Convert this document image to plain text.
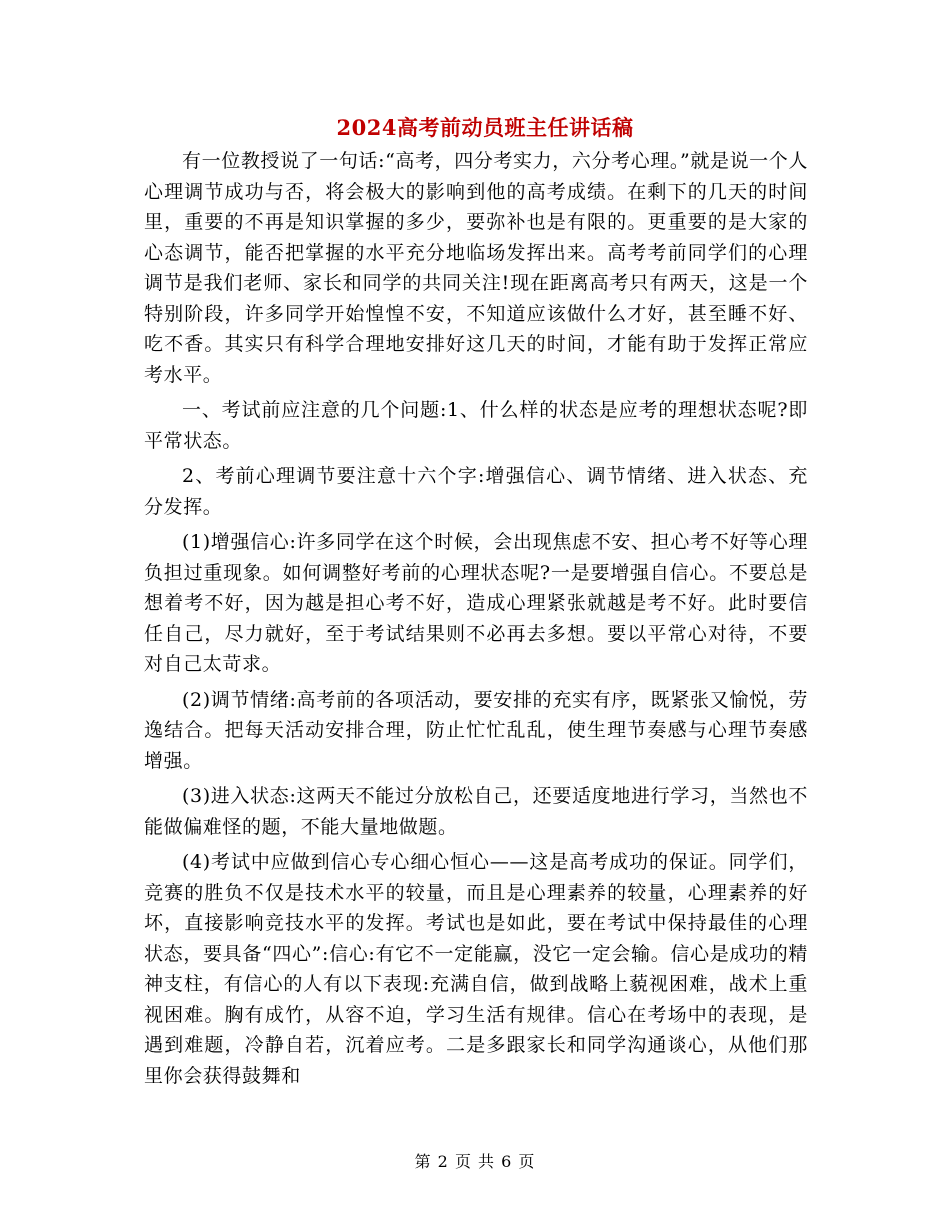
2024高考前动员班主任讲话稿

有一位教授说了一句话:“高考，四分考实力，六分考心理。”就是说一个人心理调节成功与否，将会极大的影响到他的高考成绩。在剩下的几天的时间里，重要的不再是知识掌握的多少，要弥补也是有限的。更重要的是大家的心态调节，能否把掌握的水平充分地临场发挥出来。高考考前同学们的心理调节是我们老师、家长和同学的共同关注!现在距离高考只有两天，这是一个特别阶段，许多同学开始惶惶不安，不知道应该做什么才好，甚至睡不好、吃不香。其实只有科学合理地安排好这几天的时间，才能有助于发挥正常应考水平。

一、考试前应注意的几个问题:1、什么样的状态是应考的理想状态呢?即平常状态。

2、考前心理调节要注意十六个字:增强信心、调节情绪、进入状态、充分发挥。

(1)增强信心:许多同学在这个时候，会出现焦虑不安、担心考不好等心理负担过重现象。如何调整好考前的心理状态呢?一是要增强自信心。不要总是想着考不好，因为越是担心考不好，造成心理紧张就越是考不好。此时要信任自己，尽力就好，至于考试结果则不必再去多想。要以平常心对待，不要对自己太苛求。

(2)调节情绪:高考前的各项活动，要安排的充实有序，既紧张又愉悦，劳逸结合。把每天活动安排合理，防止忙忙乱乱，使生理节奏感与心理节奏感增强。

(3)进入状态:这两天不能过分放松自己，还要适度地进行学习，当然也不能做偏难怪的题，不能大量地做题。

(4)考试中应做到信心专心细心恒心——这是高考成功的保证。同学们，竞赛的胜负不仅是技术水平的较量，而且是心理素养的较量，心理素养的好坏，直接影响竞技水平的发挥。考试也是如此，要在考试中保持最佳的心理状态，要具备“四心”:信心:有它不一定能赢，没它一定会输。信心是成功的精神支柱，有信心的人有以下表现:充满自信，做到战略上藐视困难，战术上重视困难。胸有成竹，从容不迫，学习生活有规律。信心在考场中的表现，是遇到难题，冷静自若，沉着应考。二是多跟家长和同学沟通谈心，从他们那里你会获得鼓舞和

第 2 页 共 6 页
